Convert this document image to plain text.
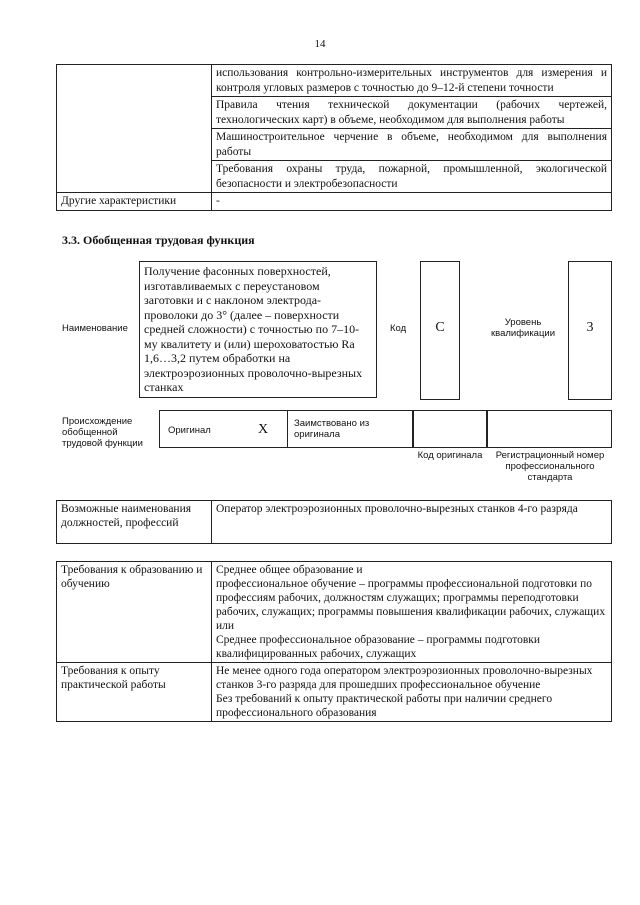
14
	использования контрольно-измерительных инструментов для измерения и контроля угловых размеров с точностью до 9–12-й степени точности
	Правила чтения технической документации (рабочих чертежей, технологических карт) в объеме, необходимом для выполнения работы
	Машиностроительное черчение в объеме, необходимом для выполнения работы
	Требования охраны труда, пожарной, промышленной, экологической безопасности и электробезопасности
Другие характеристики	-
3.3. Обобщенная трудовая функция
Наименование
Получение фасонных поверхностей, изготавливаемых с переустановом заготовки и с наклоном электрода-проволоки до 3° (далее – поверхности средней сложности) с точностью по 7–10-му квалитету и (или) шероховатостью Ra 1,6…3,2 путем обработки на электроэрозионных проволочно-вырезных станках
Код	C	Уровень квалификации	3
Происхождение обобщенной трудовой функции
Оригинал	X	Заимствовано из оригинала
Код оригинала	Регистрационный номер профессионального стандарта
Возможные наименования должностей, профессий	Оператор электроэрозионных проволочно-вырезных станков 4-го разряда
Требования к образованию и обучению	Среднее общее образование и
профессиональное обучение – программы профессиональной подготовки по профессиям рабочих, должностям служащих; программы переподготовки рабочих, служащих; программы повышения квалификации рабочих, служащих
или
Среднее профессиональное образование – программы подготовки квалифицированных рабочих, служащих

Требования к опыту практической работы	Не менее одного года оператором электроэрозионных проволочно-вырезных станков 3-го разряда для прошедших профессиональное обучение
Без требований к опыту практической работы при наличии среднего профессионального образования
